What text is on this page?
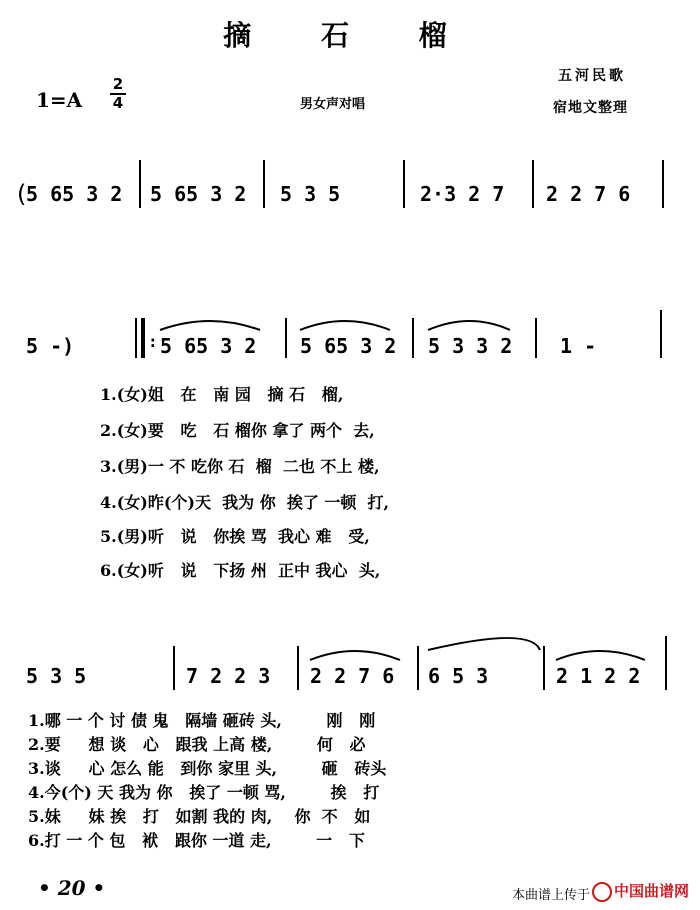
摘 石 榴
$1=A \frac{2}{4}$	男女声对唱
五河民歌
宿地文整理
(
5 65 3 2 5 65 3 2 5 3 5	2·3 2 7 2 2 7 6
5 -)	: 5 65 3 2 5 65 3 2 5 3 3 2 1 -
1.(女)姐   在   南 园   摘 石   榴,
2.(女)要   吃   石 榴你 拿了 两个  去,
3.(男)一 不 吃你 石  榴  二也 不上 楼,
4.(女)昨(个)天  我为 你  挨了 一顿  打,
5.(男)听   说   你挨 骂  我心 难   受,
6.(女)听   说   下扬 州  正中 我心  头,
5 3 5	7 2 2 3 2 2 7 6 6 5 3	2 1 2 2
1.哪 一 个 讨 债 鬼   隔墙 砸砖 头,        刚   刚
2.要     想 谈   心   跟我 上高 楼,        何   必
3.谈     心 怎么 能   到你 家里 头,        砸   砖头
4.今(个) 天 我为 你   挨了 一顿 骂,        挨   打
5.妹     妹 挨   打   如割 我的 肉,    你  不   如
6.打 一 个 包   袱   跟你 一道 走,        一   下
• 20 •	本曲谱上传于	中国曲谱网
